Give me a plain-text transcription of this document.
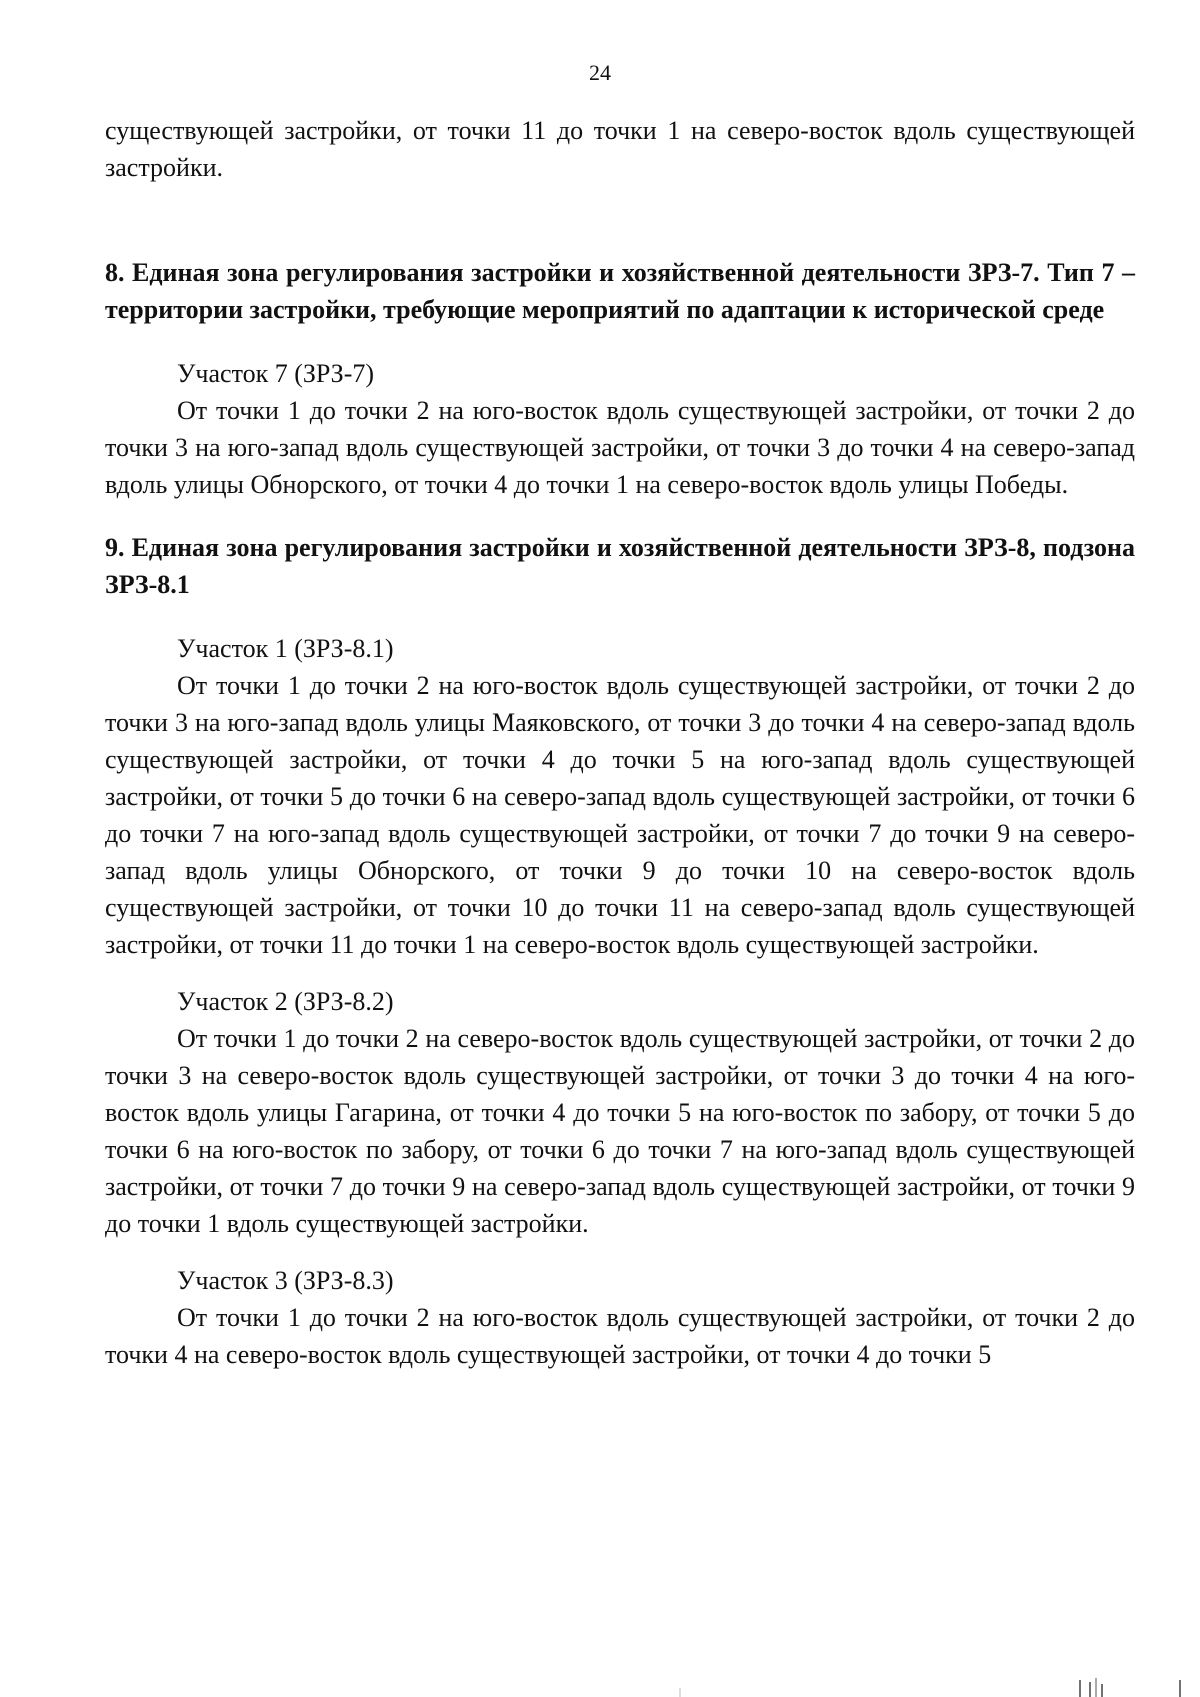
24

существующей застройки, от точки 11 до точки 1 на северо-восток вдоль существующей застройки.

8. Единая зона регулирования застройки и хозяйственной деятельности ЗРЗ-7. Тип 7 – территории застройки, требующие мероприятий по адаптации к исторической среде

Участок 7 (ЗРЗ-7)

От точки 1 до точки 2 на юго-восток вдоль существующей застройки, от точки 2 до точки 3 на юго-запад вдоль существующей застройки, от точки 3 до точки 4 на северо-запад вдоль улицы Обнорского, от точки 4 до точки 1 на северо-восток вдоль улицы Победы.

9. Единая зона регулирования застройки и хозяйственной деятельности ЗРЗ-8, подзона ЗРЗ-8.1

Участок 1 (ЗРЗ-8.1)

От точки 1 до точки 2 на юго-восток вдоль существующей застройки, от точки 2 до точки 3 на юго-запад вдоль улицы Маяковского, от точки 3 до точки 4 на северо-запад вдоль существующей застройки, от точки 4 до точки 5 на юго-запад вдоль существующей застройки, от точки 5 до точки 6 на северо-запад вдоль существующей застройки, от точки 6 до точки 7 на юго-запад вдоль существующей застройки, от точки 7 до точки 9 на северо-запад вдоль улицы Обнорского, от точки 9 до точки 10 на северо-восток вдоль существующей застройки, от точки 10 до точки 11 на северо-запад вдоль существующей застройки, от точки 11 до точки 1 на северо-восток вдоль существующей застройки.

Участок 2 (ЗРЗ-8.2)

От точки 1 до точки 2 на северо-восток вдоль существующей застройки, от точки 2 до точки 3 на северо-восток вдоль существующей застройки, от точки 3 до точки 4 на юго-восток вдоль улицы Гагарина, от точки 4 до точки 5 на юго-восток по забору, от точки 5 до точки 6 на юго-восток по забору, от точки 6 до точки 7 на юго-запад вдоль существующей застройки, от точки 7 до точки 9 на северо-запад вдоль существующей застройки, от точки 9 до точки 1 вдоль существующей застройки.

Участок 3 (ЗРЗ-8.3)

От точки 1 до точки 2 на юго-восток вдоль существующей застройки, от точки 2 до точки 4 на северо-восток вдоль существующей застройки, от точки 4 до точки 5
